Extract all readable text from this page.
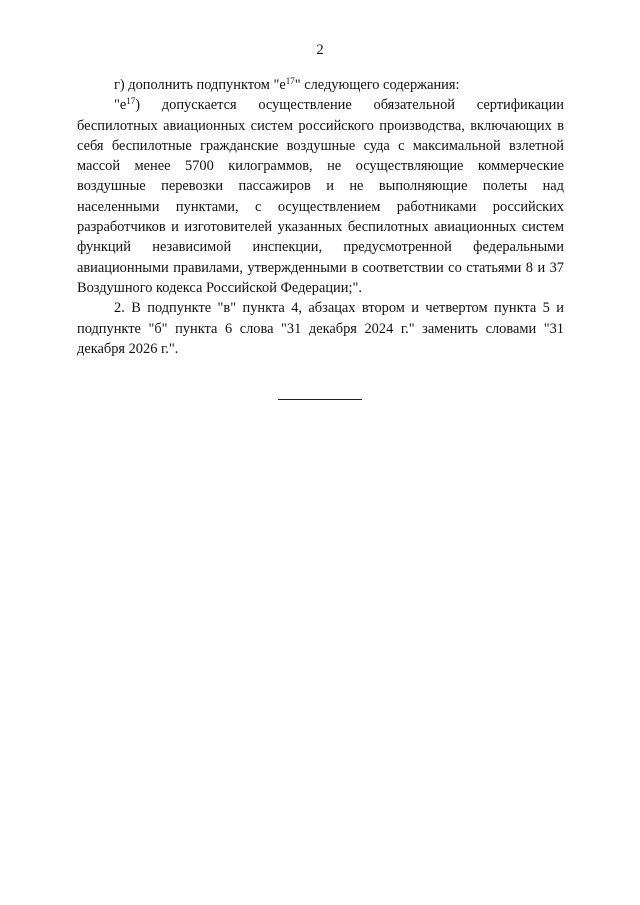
2

г) дополнить подпунктом "$е^{17}$" следующего содержания:

"$е^{17}$) допускается осуществление обязательной сертификации беспилотных авиационных систем российского производства, включающих в себя беспилотные гражданские воздушные суда с максимальной взлетной массой менее 5700 килограммов, не осуществляющие коммерческие воздушные перевозки пассажиров и не выполняющие полеты над населенными пунктами, с осуществлением работниками российских разработчиков и изготовителей указанных беспилотных авиационных систем функций независимой инспекции, предусмотренной федеральными авиационными правилами, утвержденными в соответствии со статьями 8 и 37 Воздушного кодекса Российской Федерации;".

2. В подпункте "в" пункта 4, абзацах втором и четвертом пункта 5 и подпункте "б" пункта 6 слова "31 декабря 2024 г." заменить словами "31 декабря 2026 г.".
